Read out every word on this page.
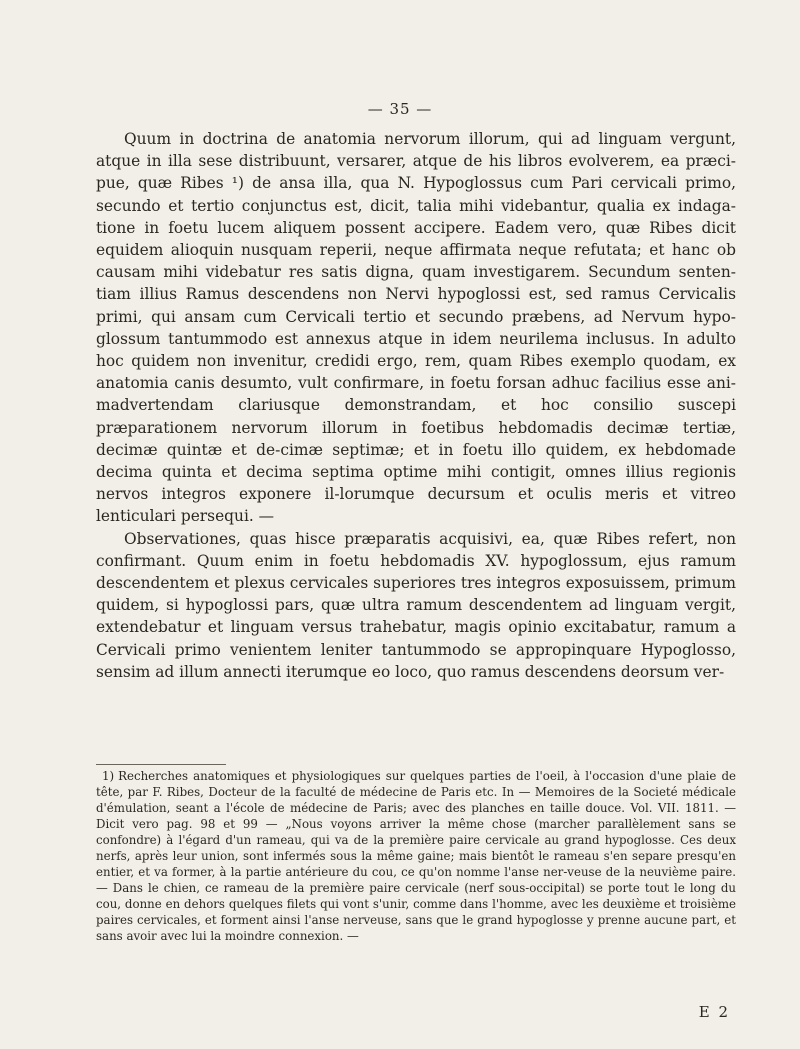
— 35 —

Quum in doctrina de anatomia nervorum illorum, qui ad linguam vergunt, atque in illa sese distribuunt, versarer, atque de his libros evolverem, ea præci-pue, quæ Ribes ¹) de ansa illa, qua N. Hypoglossus cum Pari cervicali primo, secundo et tertio conjunctus est, dicit, talia mihi videbantur, qualia ex indaga-tione in foetu lucem aliquem possent accipere. Eadem vero, quæ Ribes dicit equidem alioquin nusquam reperii, neque affirmata neque refutata; et hanc ob causam mihi videbatur res satis digna, quam investigarem. Secundum senten-tiam illius Ramus descendens non Nervi hypoglossi est, sed ramus Cervicalis primi, qui ansam cum Cervicali tertio et secundo præbens, ad Nervum hypo-glossum tantummodo est annexus atque in idem neurilema inclusus. In adulto hoc quidem non invenitur, credidi ergo, rem, quam Ribes exemplo quodam, ex anatomia canis desumto, vult confirmare, in foetu forsan adhuc facilius esse ani-madvertendam clariusque demonstrandam, et hoc consilio suscepi præparationem nervorum illorum in foetibus hebdomadis decimæ tertiæ, decimæ quintæ et de-cimæ septimæ; et in foetu illo quidem, ex hebdomade decima quinta et decima septima optime mihi contigit, omnes illius regionis nervos integros exponere il-lorumque decursum et oculis meris et vitreo lenticulari persequi. —

Observationes, quas hisce præparatis acquisivi, ea, quæ Ribes refert, non confirmant. Quum enim in foetu hebdomadis XV. hypoglossum, ejus ramum descendentem et plexus cervicales superiores tres integros exposuissem, primum quidem, si hypoglossi pars, quæ ultra ramum descendentem ad linguam vergit, extendebatur et linguam versus trahebatur, magis opinio excitabatur, ramum a Cervicali primo venientem leniter tantummodo se appropinquare Hypoglosso, sensim ad illum annecti iterumque eo loco, quo ramus descendens deorsum ver-

1) Recherches anatomiques et physiologiques sur quelques parties de l'oeil, à l'occasion d'une plaie de tête, par F. Ribes, Docteur de la faculté de médecine de Paris etc. In — Memoires de la Societé médicale d'émulation, seant a l'école de médecine de Paris; avec des planches en taille douce. Vol. VII. 1811. — Dicit vero pag. 98 et 99 — „Nous voyons arriver la même chose (marcher parallèlement sans se confondre) à l'égard d'un rameau, qui va de la première paire cervicale au grand hypoglosse. Ces deux nerfs, après leur union, sont infermés sous la même gaine; mais bientôt le rameau s'en separe presqu'en entier, et va former, à la partie antérieure du cou, ce qu'on nomme l'anse ner-veuse de la neuvième paire. — Dans le chien, ce rameau de la première paire cervicale (nerf sous-occipital) se porte tout le long du cou, donne en dehors quelques filets qui vont s'unir, comme dans l'homme, avec les deuxième et troisième paires cervicales, et forment ainsi l'anse nerveuse, sans que le grand hypoglosse y prenne aucune part, et sans avoir avec lui la moindre connexion. —
E 2
